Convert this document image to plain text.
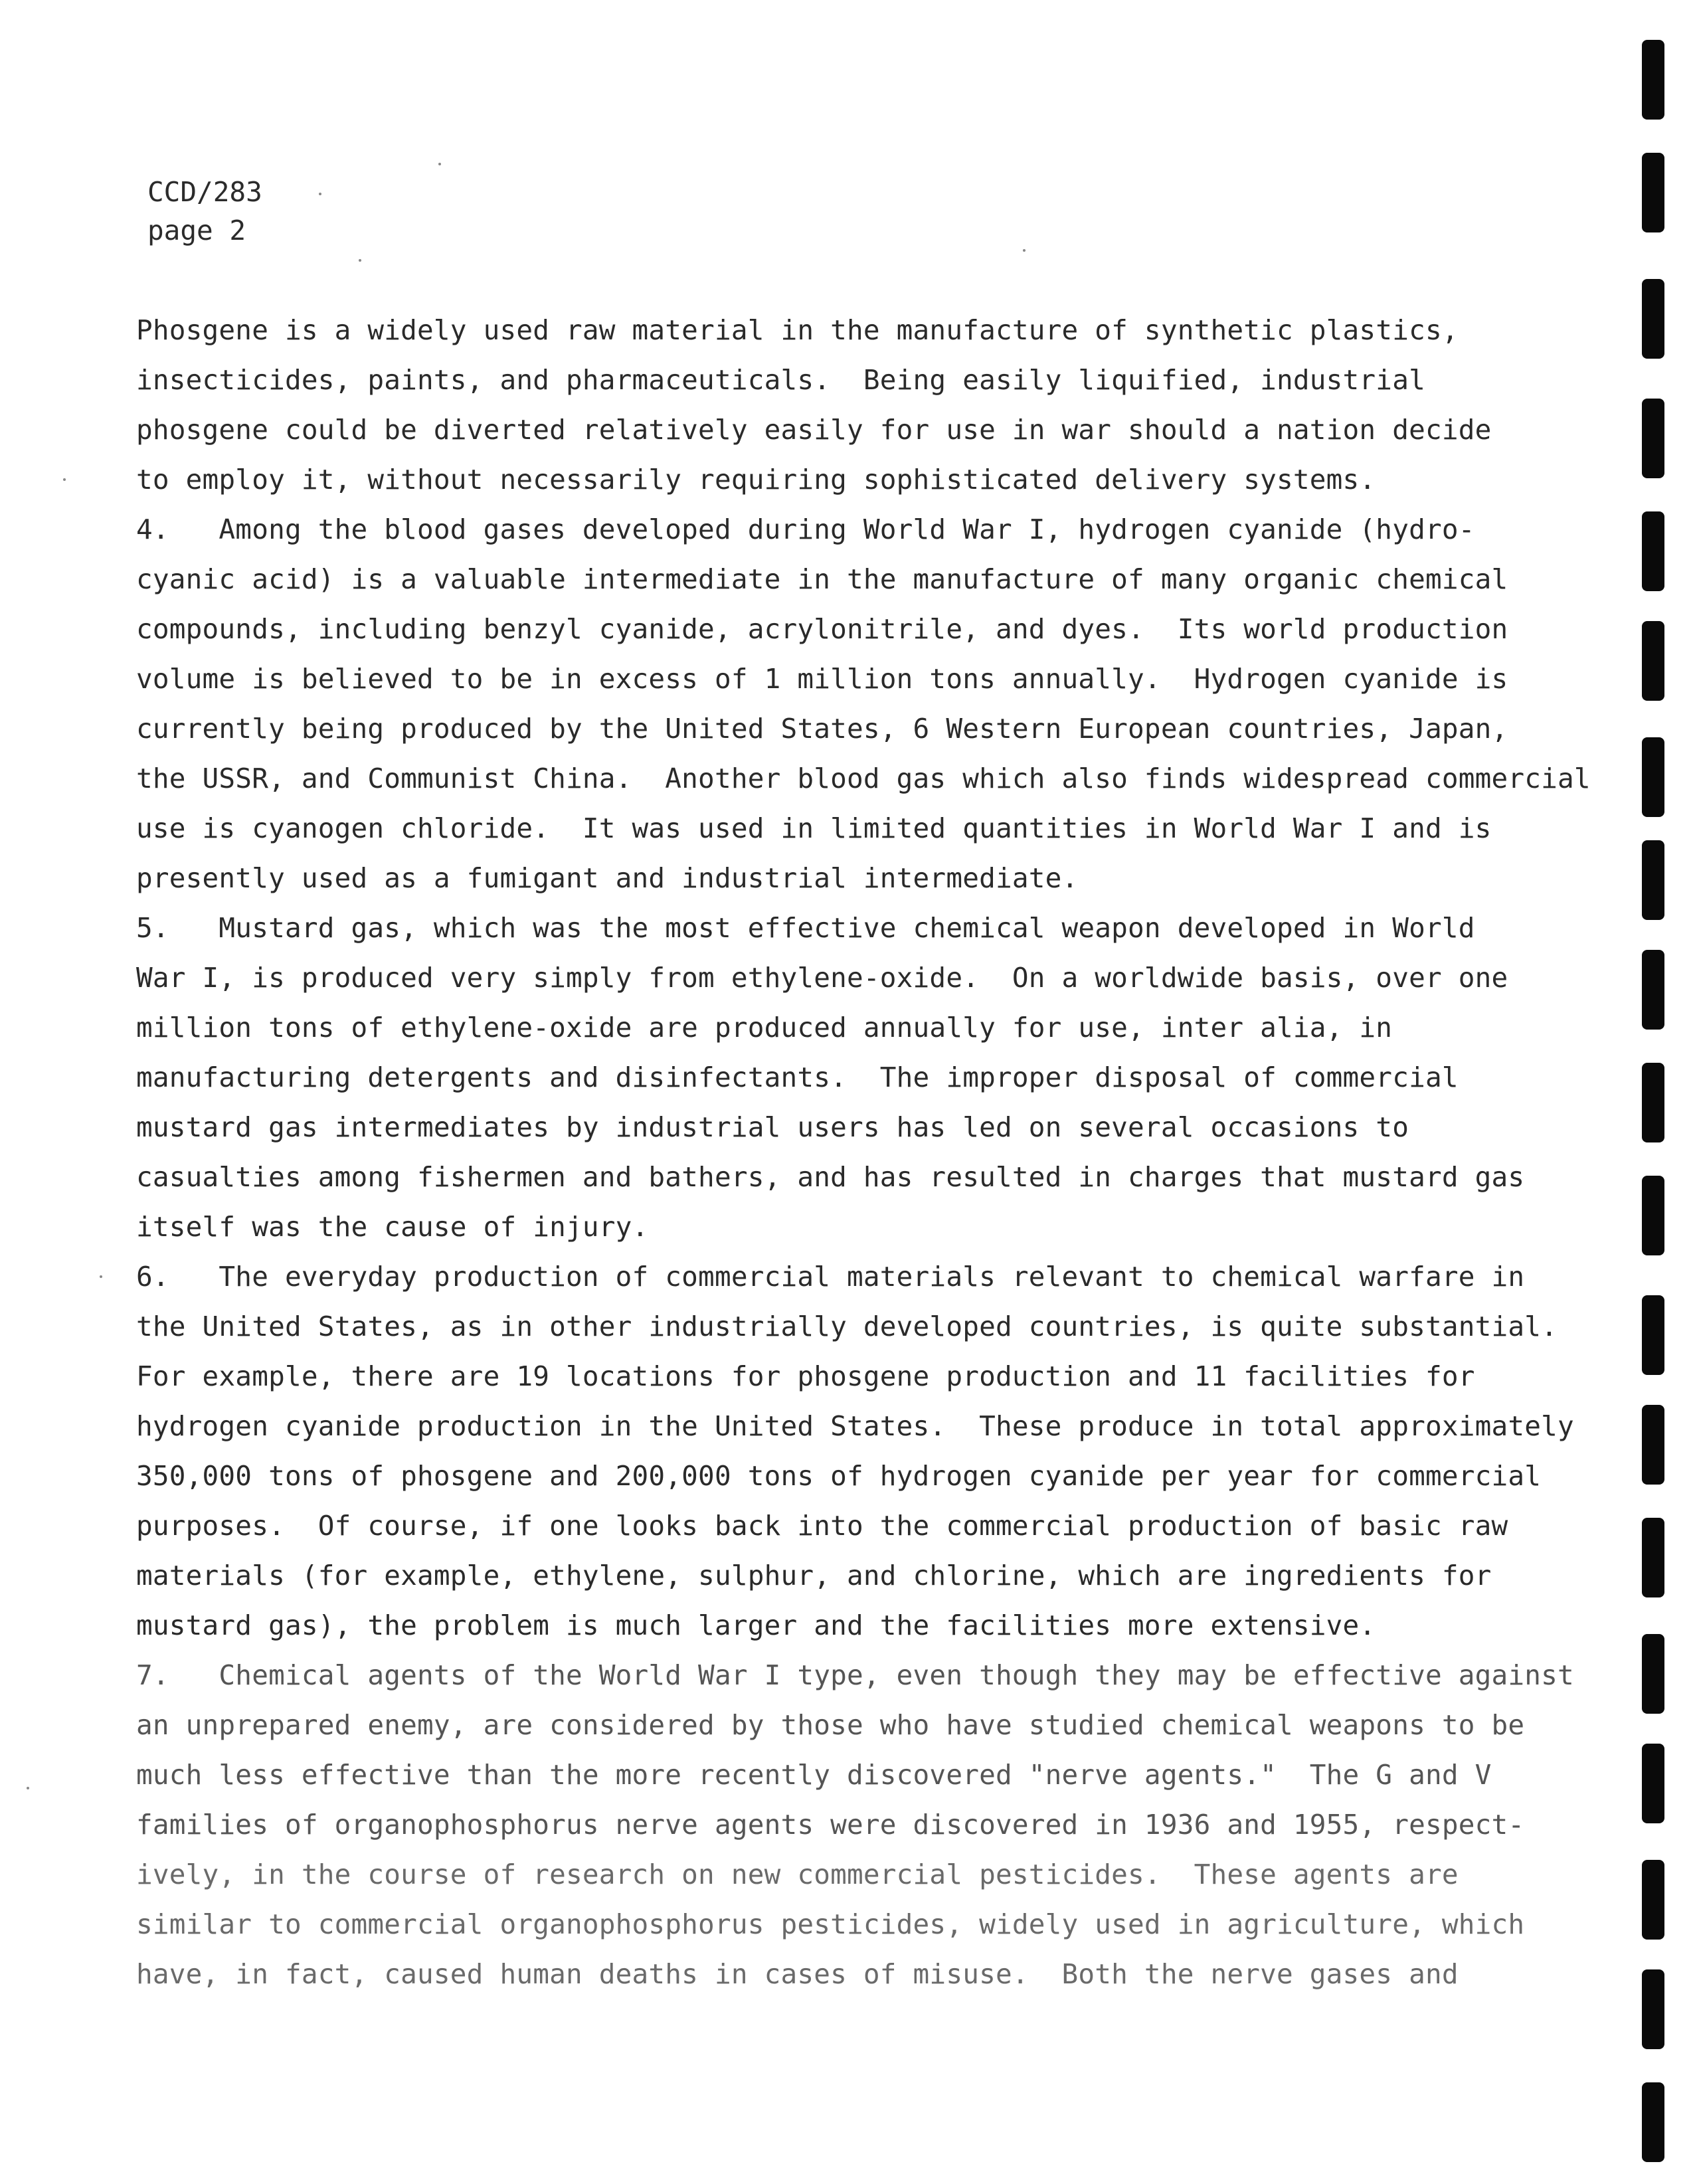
CCD/283
page 2
Phosgene is a widely used raw material in the manufacture of synthetic plastics,
insecticides, paints, and pharmaceuticals.  Being easily liquified, industrial
phosgene could be diverted relatively easily for use in war should a nation decide
to employ it, without necessarily requiring sophisticated delivery systems.
4.   Among the blood gases developed during World War I, hydrogen cyanide (hydro-
cyanic acid) is a valuable intermediate in the manufacture of many organic chemical
compounds, including benzyl cyanide, acrylonitrile, and dyes.  Its world production
volume is believed to be in excess of 1 million tons annually.  Hydrogen cyanide is
currently being produced by the United States, 6 Western European countries, Japan,
the USSR, and Communist China.  Another blood gas which also finds widespread commercial
use is cyanogen chloride.  It was used in limited quantities in World War I and is
presently used as a fumigant and industrial intermediate.
5.   Mustard gas, which was the most effective chemical weapon developed in World
War I, is produced very simply from ethylene-oxide.  On a worldwide basis, over one
million tons of ethylene-oxide are produced annually for use, inter alia, in
manufacturing detergents and disinfectants.  The improper disposal of commercial
mustard gas intermediates by industrial users has led on several occasions to
casualties among fishermen and bathers, and has resulted in charges that mustard gas
itself was the cause of injury.
6.   The everyday production of commercial materials relevant to chemical warfare in
the United States, as in other industrially developed countries, is quite substantial.
For example, there are 19 locations for phosgene production and 11 facilities for
hydrogen cyanide production in the United States.  These produce in total approximately
350,000 tons of phosgene and 200,000 tons of hydrogen cyanide per year for commercial
purposes.  Of course, if one looks back into the commercial production of basic raw
materials (for example, ethylene, sulphur, and chlorine, which are ingredients for
mustard gas), the problem is much larger and the facilities more extensive.
7.   Chemical agents of the World War I type, even though they may be effective against
an unprepared enemy, are considered by those who have studied chemical weapons to be
much less effective than the more recently discovered "nerve agents."  The G and V
families of organophosphorus nerve agents were discovered in 1936 and 1955, respect-
ively, in the course of research on new commercial pesticides.  These agents are
similar to commercial organophosphorus pesticides, widely used in agriculture, which
have, in fact, caused human deaths in cases of misuse.  Both the nerve gases and
